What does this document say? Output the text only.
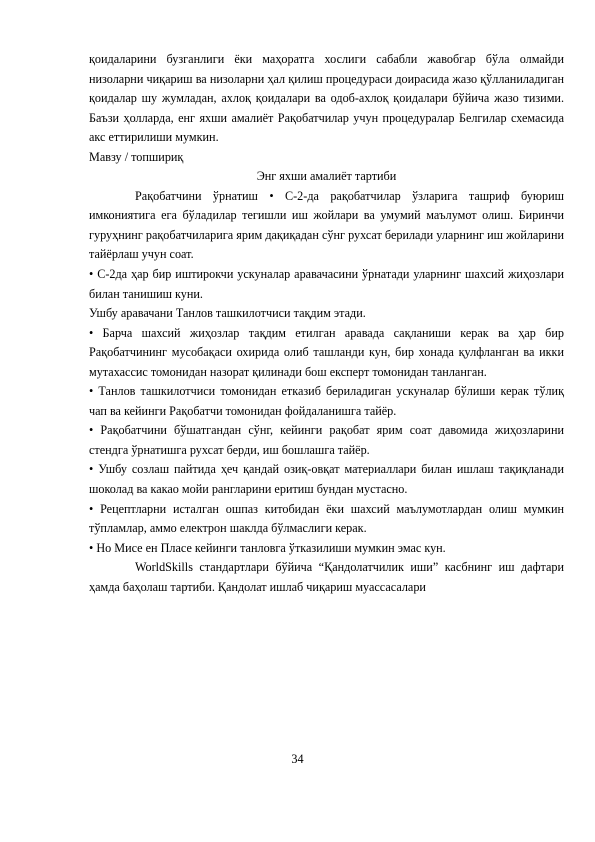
қоидаларини бузганлиги ёки маҳоратга хослиги сабабли жавобгар бўла олмайди низоларни чиқариш ва низоларни ҳал қилиш процедураси доирасида жазо қўлланиладиган қоидалар шу жумладан, ахлоқ қоидалари ва одоб-ахлоқ қоидалари бўйича жазо тизими. Баъзи ҳолларда, енг яхши амалиёт Рақобатчилар учун процедуралар Белгилар схемасида акс еттирилиши мумкин.

Мавзу / топшириқ

Энг яхши амалиёт тартиби

Рақобатчини ўрнатиш • С-2-да рақобатчилар ўзларига ташриф буюриш имкониятига ега бўладилар тегишли иш жойлари ва умумий маълумот олиш. Биринчи гуруҳнинг рақобатчиларига ярим дақиқадан сўнг рухсат берилади уларнинг иш жойларини тайёрлаш учун соат.

• С-2да ҳар бир иштирокчи ускуналар аравачасини ўрнатади уларнинг шахсий жиҳозлари билан танишиш куни.

Ушбу аравачани Танлов ташкилотчиси тақдим этади.

• Барча шахсий жиҳозлар тақдим етилган аравада сақланиши керак ва ҳар бир Рақобатчининг мусобақаси охирида олиб ташланди кун, бир хонада қулфланган ва икки мутахассис томонидан назорат қилинади бош експерт томонидан танланган.

• Танлов ташкилотчиси томонидан етказиб бериладиган ускуналар бўлиши керак тўлиқ чап ва кейинги Рақобатчи томонидан фойдаланишга тайёр.

• Рақобатчини бўшатгандан сўнг, кейинги рақобат ярим соат давомида жиҳозларини стендга ўрнатишга рухсат берди, иш бошлашга тайёр.

• Ушбу созлаш пайтида ҳеч қандай озиқ-овқат материаллари билан ишлаш тақиқланади шоколад ва какао мойи рангларини еритиш бундан мустасно.

• Рецептларни исталган ошпаз китобидан ёки шахсий маълумотлардан олиш мумкин тўпламлар, аммо електрон шаклда бўлмаслиги керак.

• Но Мисе ен Пласе кейинги танловга ўтказилиши мумкин эмас кун.

WorldSkills стандартлари бўйича “Қандолатчилик иши” касбнинг иш дафтари ҳамда баҳолаш тартиби. Қандолат ишлаб чиқариш муассасалари

34
